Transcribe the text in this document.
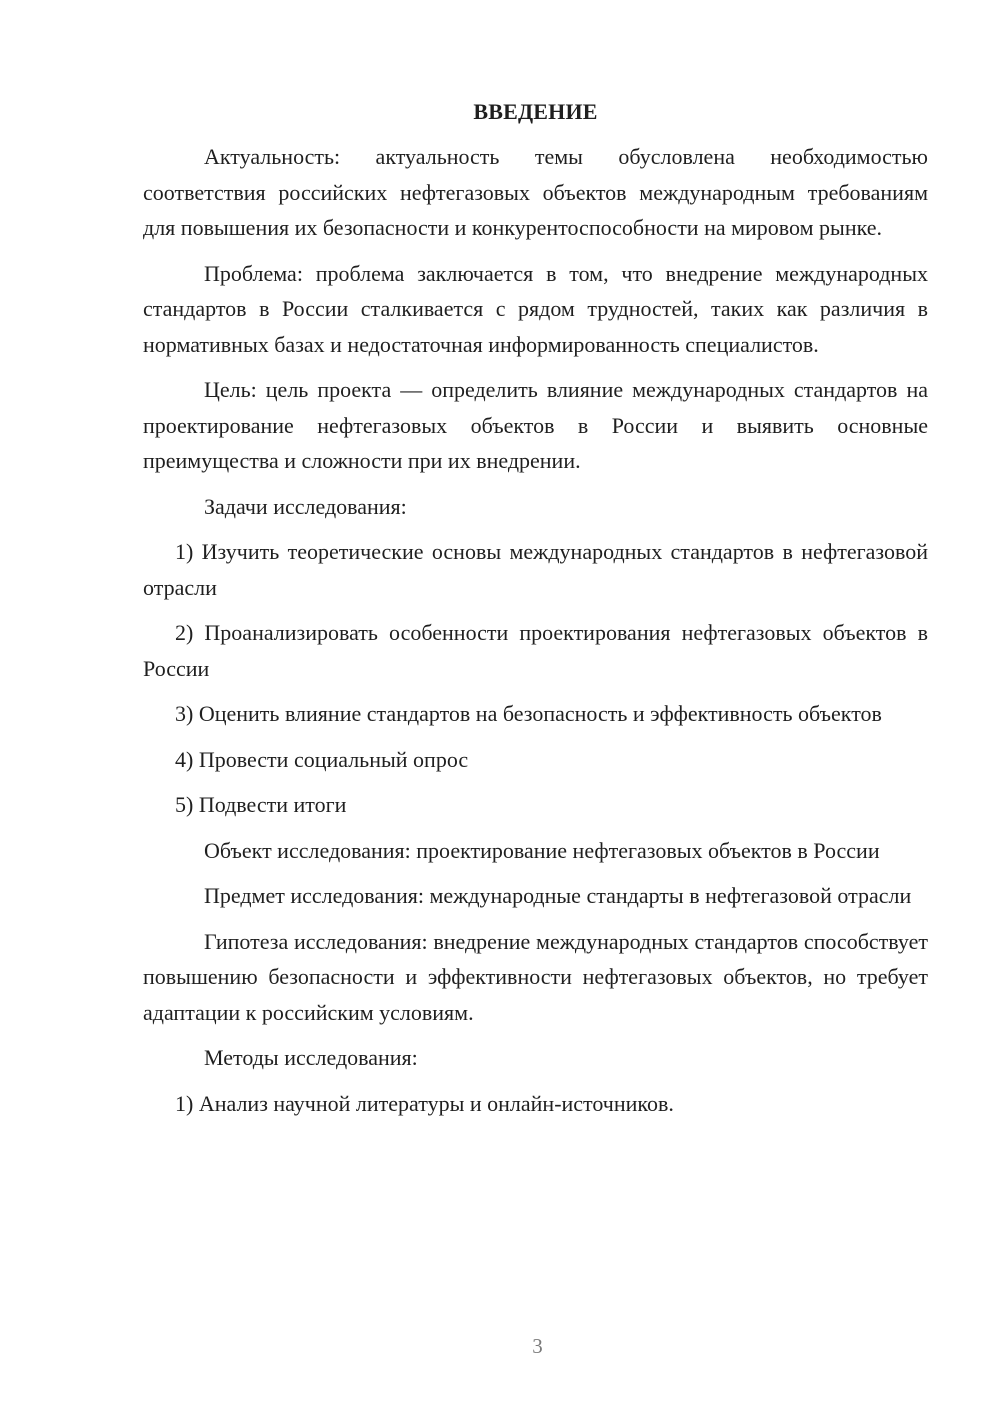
ВВЕДЕНИЕ

Актуальность: актуальность темы обусловлена необходимостью соответствия российских нефтегазовых объектов международным требованиям для повышения их безопасности и конкурентоспособности на мировом рынке.

Проблема: проблема заключается в том, что внедрение международных стандартов в России сталкивается с рядом трудностей, таких как различия в нормативных базах и недостаточная информированность специалистов.

Цель: цель проекта — определить влияние международных стандартов на проектирование нефтегазовых объектов в России и выявить основные преимущества и сложности при их внедрении.

Задачи исследования:

1) Изучить теоретические основы международных стандартов в нефтегазовой отрасли

2) Проанализировать особенности проектирования нефтегазовых объектов в России

3) Оценить влияние стандартов на безопасность и эффективность объектов

4) Провести социальный опрос

5) Подвести итоги

Объект исследования: проектирование нефтегазовых объектов в России

Предмет исследования: международные стандарты в нефтегазовой отрасли

Гипотеза исследования: внедрение международных стандартов способствует повышению безопасности и эффективности нефтегазовых объектов, но требует адаптации к российским условиям.

Методы исследования:

1) Анализ научной литературы и онлайн-источников.

3
